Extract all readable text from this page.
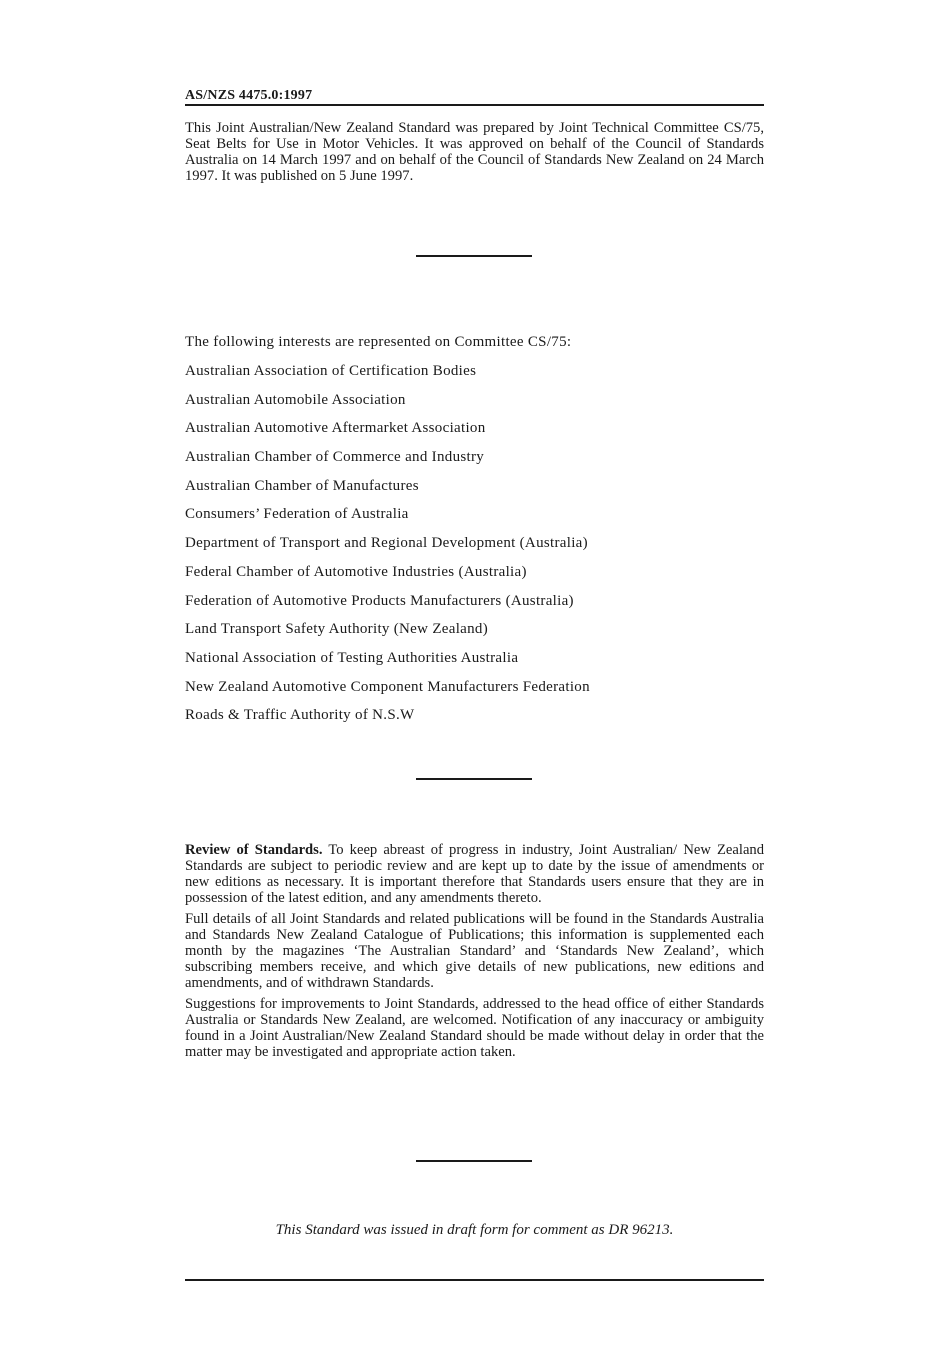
AS/NZS 4475.0:1997

This Joint Australian/New Zealand Standard was prepared by Joint Technical Committee CS/75, Seat Belts for Use in Motor Vehicles. It was approved on behalf of the Council of Standards Australia on 14 March 1997 and on behalf of the Council of Standards New Zealand on 24 March 1997. It was published on 5 June 1997.

The following interests are represented on Committee CS/75:

Australian Association of Certification Bodies
Australian Automobile Association
Australian Automotive Aftermarket Association
Australian Chamber of Commerce and Industry
Australian Chamber of Manufactures
Consumers’ Federation of Australia
Department of Transport and Regional Development (Australia)
Federal Chamber of Automotive Industries (Australia)
Federation of Automotive Products Manufacturers (Australia)
Land Transport Safety Authority (New Zealand)
National Association of Testing Authorities Australia
New Zealand Automotive Component Manufacturers Federation
Roads & Traffic Authority of N.S.W

Review of Standards. To keep abreast of progress in industry, Joint Australian/ New Zealand Standards are subject to periodic review and are kept up to date by the issue of amendments or new editions as necessary. It is important therefore that Standards users ensure that they are in possession of the latest edition, and any amendments thereto.

Full details of all Joint Standards and related publications will be found in the Standards Australia and Standards New Zealand Catalogue of Publications; this information is supplemented each month by the magazines ‘The Australian Standard’ and ‘Standards New Zealand’, which subscribing members receive, and which give details of new publications, new editions and amendments, and of withdrawn Standards.

Suggestions for improvements to Joint Standards, addressed to the head office of either Standards Australia or Standards New Zealand, are welcomed. Notification of any inaccuracy or ambiguity found in a Joint Australian/New Zealand Standard should be made without delay in order that the matter may be investigated and appropriate action taken.

This Standard was issued in draft form for comment as DR 96213.
